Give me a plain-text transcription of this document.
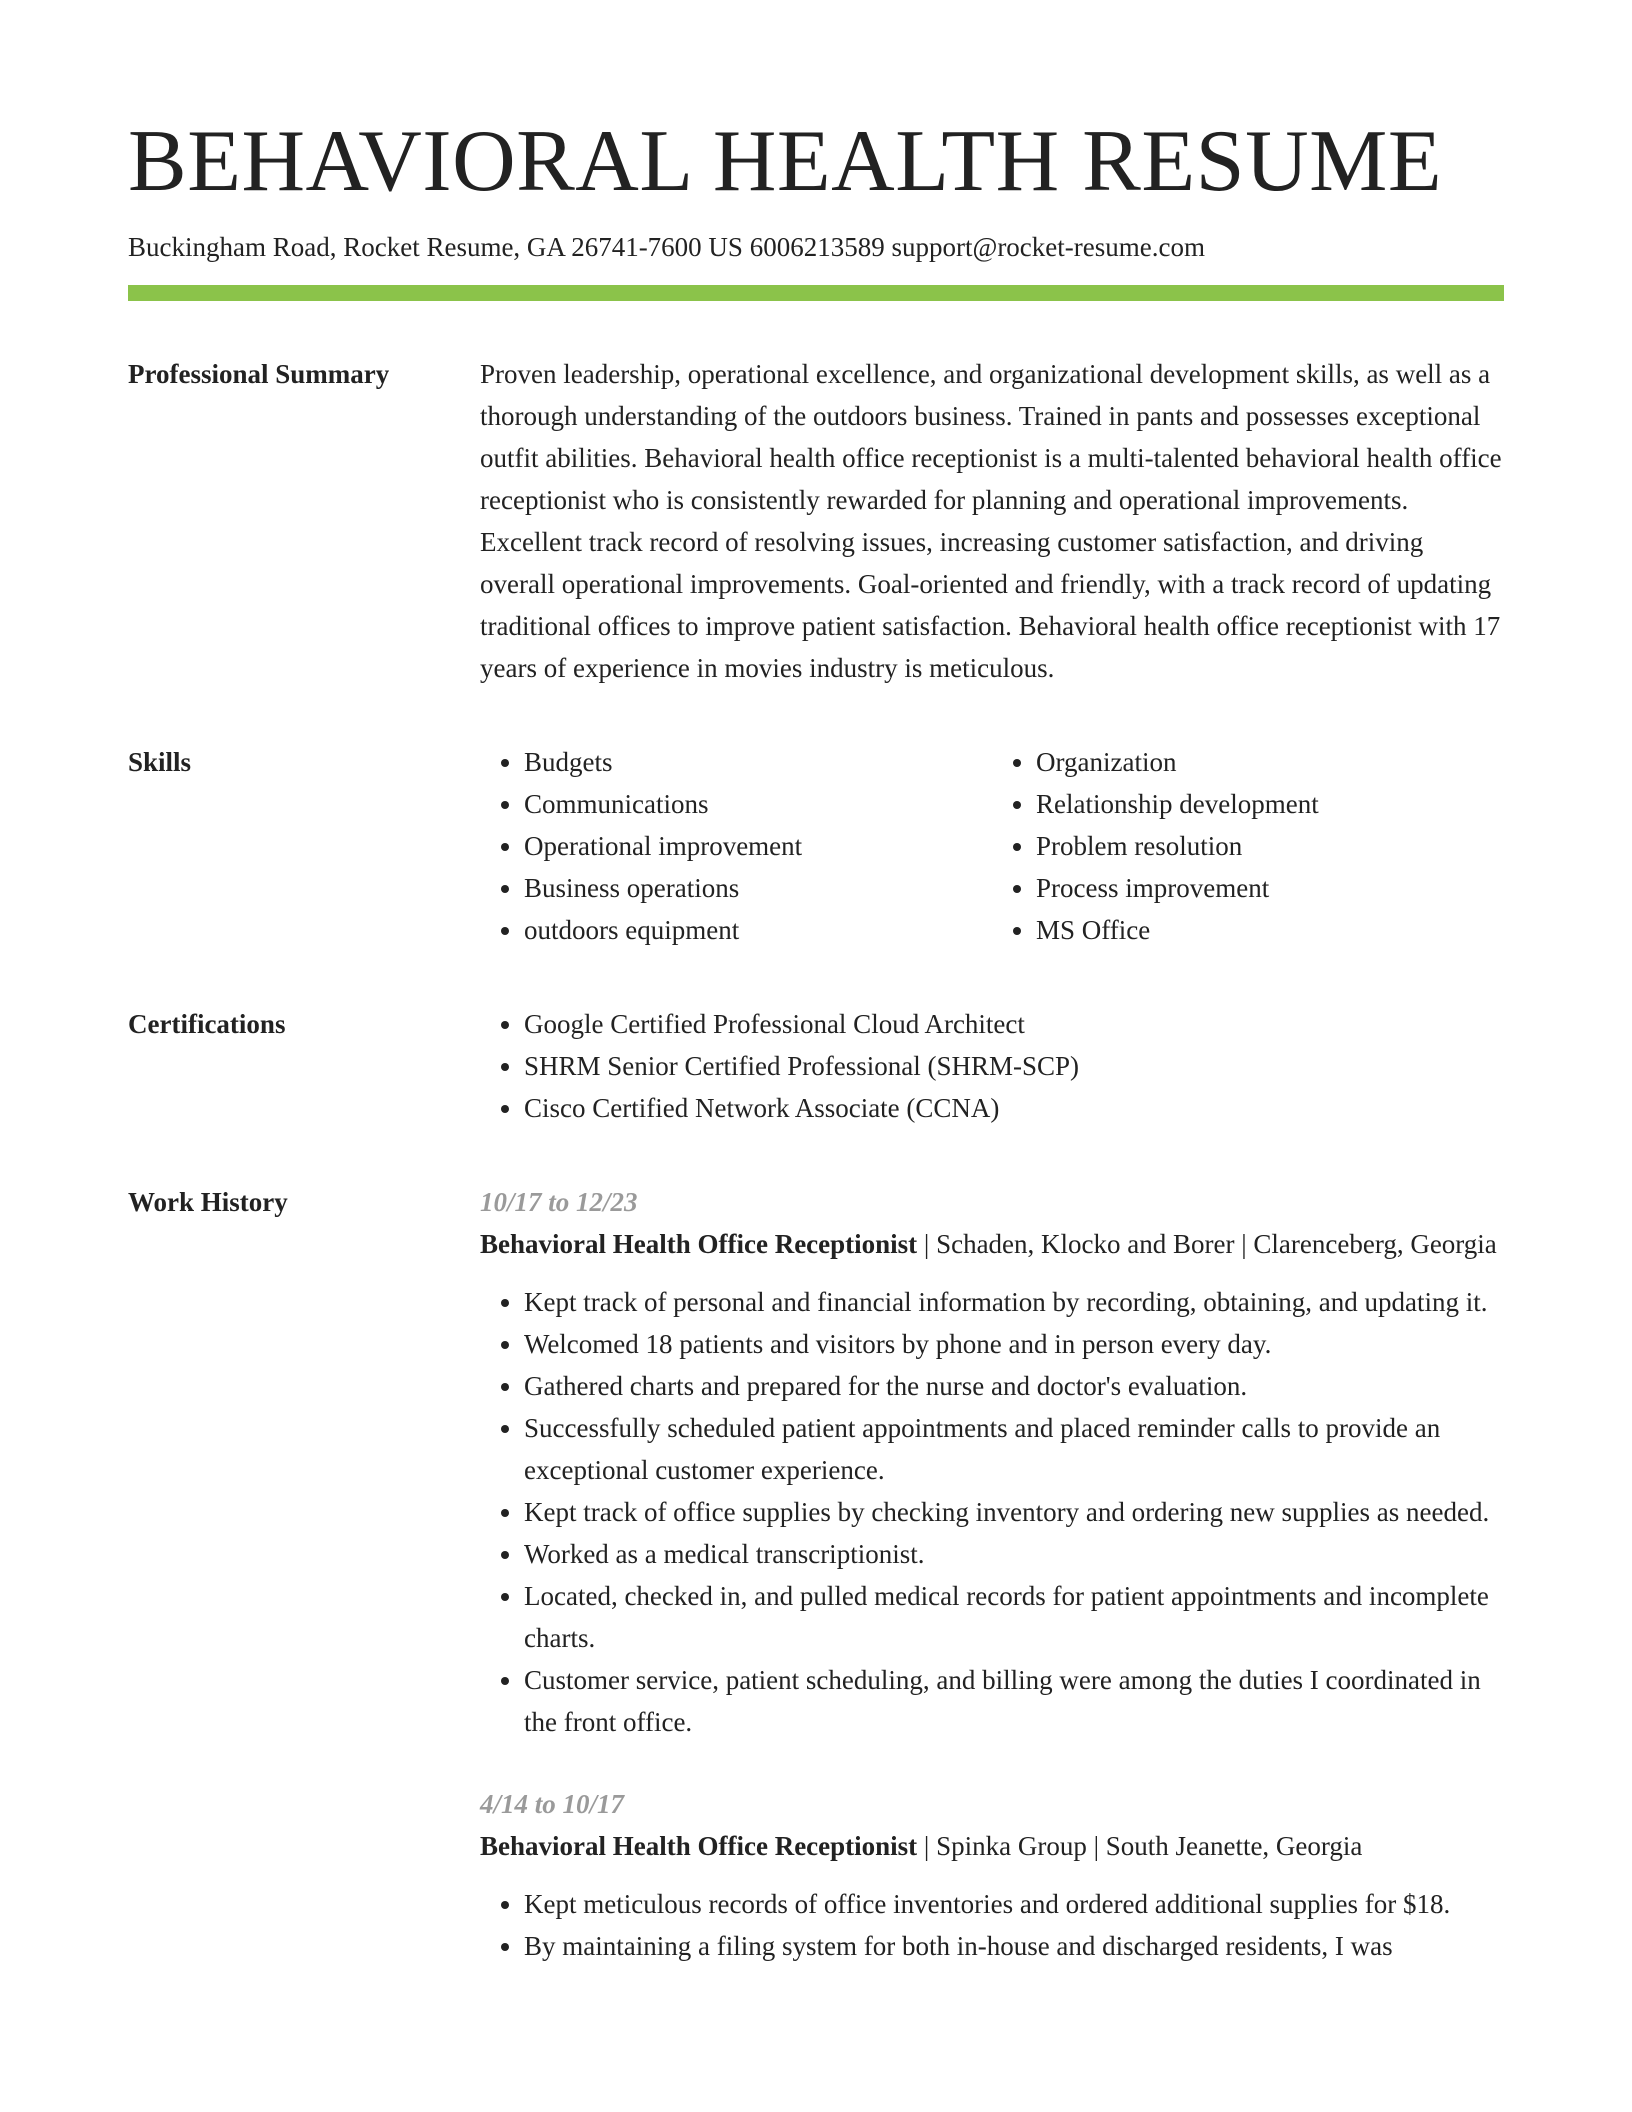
BEHAVIORAL HEALTH RESUME
Buckingham Road, Rocket Resume, GA 26741-7600 US 6006213589 support@rocket-resume.com
Professional Summary	Proven leadership, operational excellence, and organizational development skills, as well as a thorough understanding of the outdoors business. Trained in pants and possesses exceptional outfit abilities. Behavioral health office receptionist is a multi-talented behavioral health office receptionist who is consistently rewarded for planning and operational improvements. Excellent track record of resolving issues, increasing customer satisfaction, and driving overall operational improvements. Goal-oriented and friendly, with a track record of updating traditional offices to improve patient satisfaction. Behavioral health office receptionist with 17 years of experience in movies industry is meticulous.

Skills	• Budgets
• Communications
• Operational improvement
• Business operations
• outdoors equipment
• Organization
• Relationship development
• Problem resolution
• Process improvement
• MS Office
Certifications	• Google Certified Professional Cloud Architect
• SHRM Senior Certified Professional (SHRM-SCP)
• Cisco Certified Network Associate (CCNA)
Work History	10/17 to 12/23
Behavioral Health Office Receptionist | Schaden, Klocko and Borer | Clarenceberg, Georgia
• Kept track of personal and financial information by recording, obtaining, and updating it.
• Welcomed 18 patients and visitors by phone and in person every day.
• Gathered charts and prepared for the nurse and doctor's evaluation.
• Successfully scheduled patient appointments and placed reminder calls to provide an exceptional customer experience.
• Kept track of office supplies by checking inventory and ordering new supplies as needed.
• Worked as a medical transcriptionist.
• Located, checked in, and pulled medical records for patient appointments and incomplete charts.
• Customer service, patient scheduling, and billing were among the duties I coordinated in the front office.
4/14 to 10/17
Behavioral Health Office Receptionist | Spinka Group | South Jeanette, Georgia
• Kept meticulous records of office inventories and ordered additional supplies for $18.
• By maintaining a filing system for both in-house and discharged residents, I was
